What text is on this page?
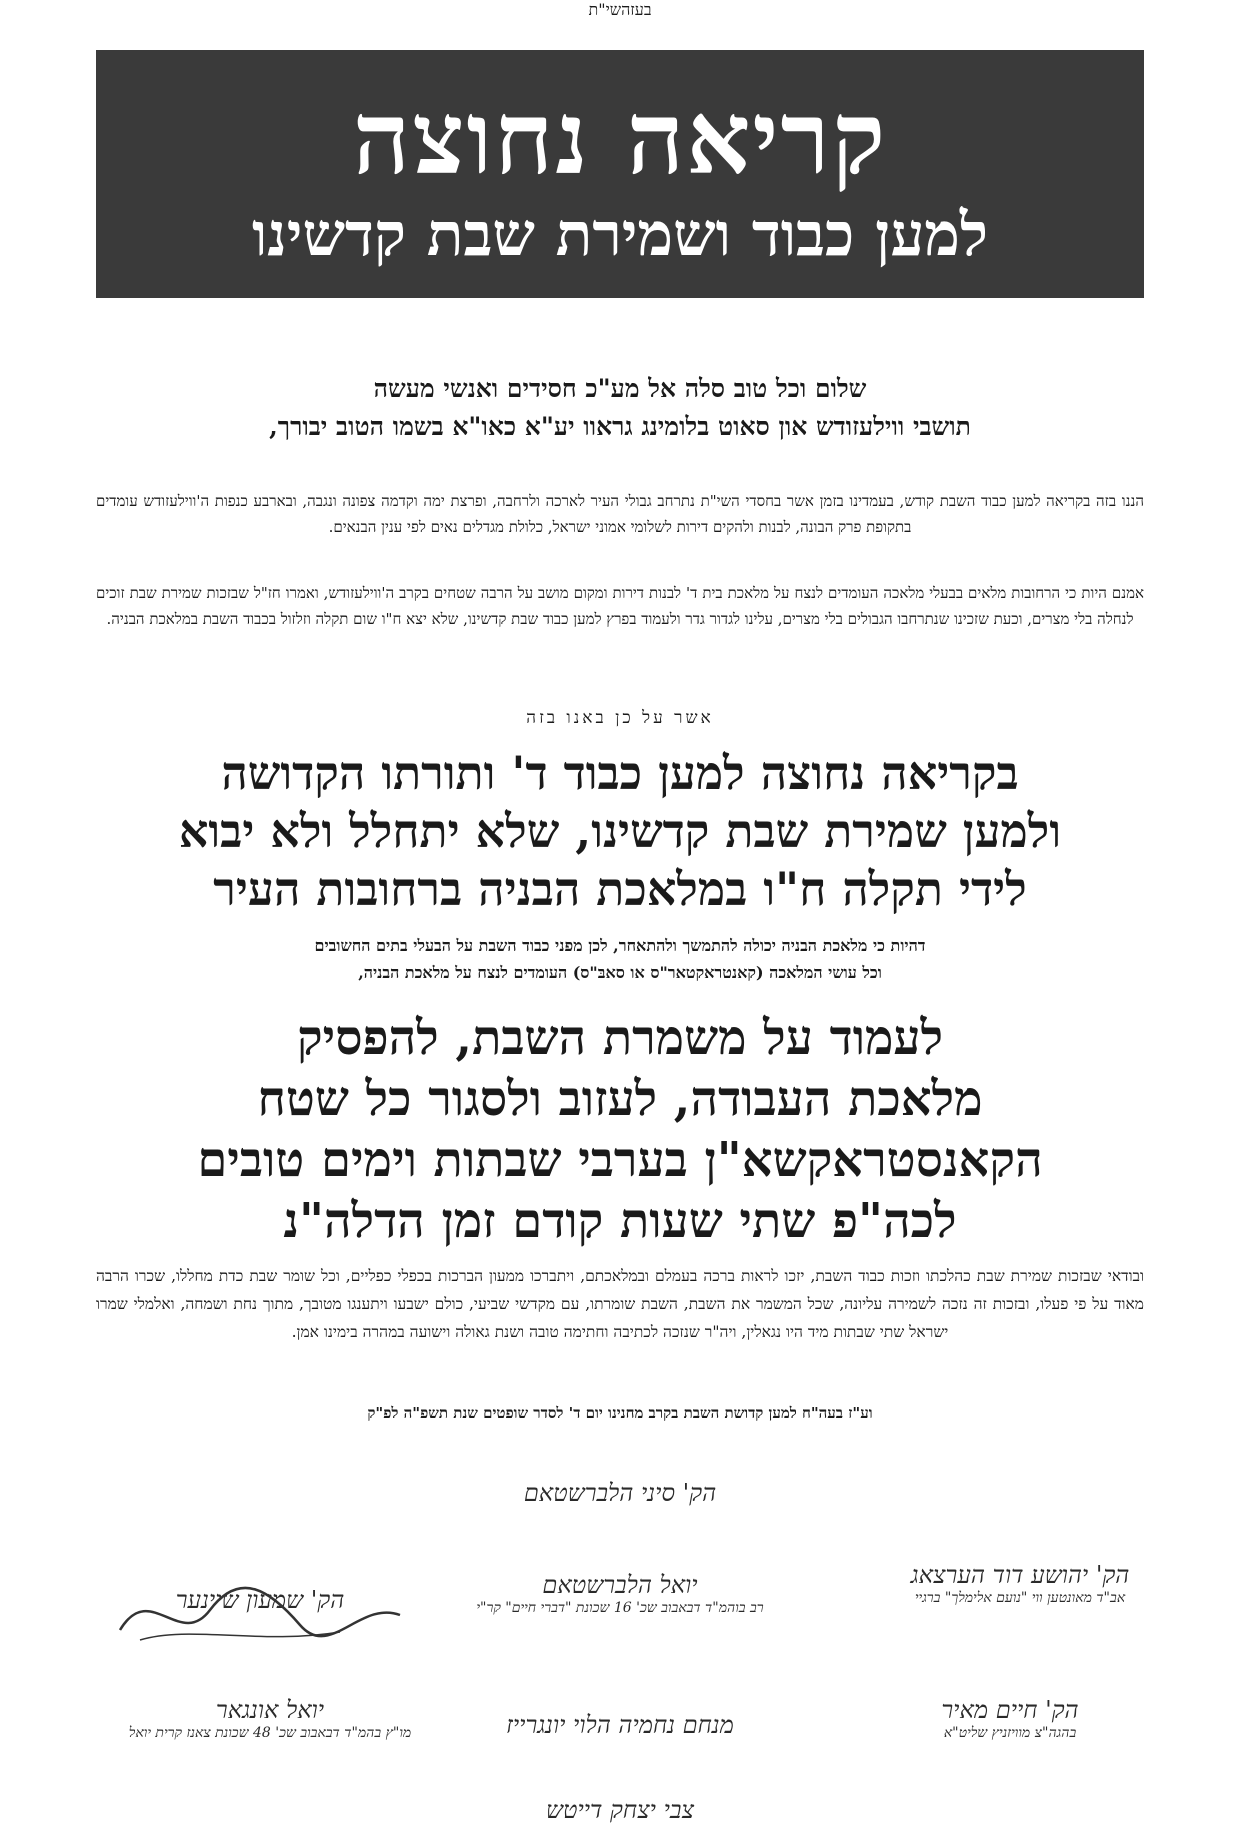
קריאה נחוצה
למען כבוד ושמירת שבת קדשינו
בעזהשי"ת
שלום וכל טוב סלה אל מע"כ חסידים ואנשי מעשה
תושבי ווילעזודש און סאוט בלומינג גראוו יע"א כאו"א בשמו הטוב יבורך,
הננו בזה בקריאה למען כבוד השבת קודש, בעמדינו בזמן אשר בחסדי השי"ת נתרחב גבולי העיר לארכה ולרחבה, ופרצת ימה וקדמה צפונה ונגבה, ובארבע כנפות ה'ווילעזודש עומדים בתקופת פרק הבונה, לבנות ולהקים דירות לשלומי אמוני ישראל, כלולת מגדלים נאים לפי ענין הבנאים.
אמנם היות כי הרחובות מלאים בבעלי מלאכה העומדים לנצח על מלאכת בית ד' לבנות דירות ומקום מושב על הרבה שטחים בקרב ה'ווילעזודש, ואמרו חז"ל שבזכות שמירת שבת זוכים לנחלה בלי מצרים, וכעת שזכינו שנתרחבו הגבולים בלי מצרים, עלינו לגדור גדר ולעמוד בפרץ למען כבוד שבת קדשינו, שלא יצא ח"ו שום תקלה וזלזול בכבוד השבת במלאכת הבניה.
אשר על כן באנו בזה
בקריאה נחוצה למען כבוד ד' ותורתו הקדושה
ולמען שמירת שבת קדשינו, שלא יתחלל ולא יבוא
לידי תקלה ח"ו במלאכת הבניה ברחובות העיר
דהיות כי מלאכת הבניה יכולה להתמשך ולהתאחר, לכן מפני כבוד השבת על הבעלי בתים החשובים
וכל עושי המלאכה (קאנטראקטאר"ס או סאבּ"ס) העומדים לנצח על מלאכת הבניה,
לעמוד על משמרת השבת, להפסיק
מלאכת העבודה, לעזוב ולסגור כל שטח
הקאנסטראקשא"ן בערבי שבתות וימים טובים
לכה"פ שתי שעות קודם זמן הדלה"נ
ובודאי שבזכות שמירת שבת כהלכתו וזכות כבוד השבת, יזכו לראות ברכה בעמלם ובמלאכתם, ויתברכו ממעון הברכות בכפלי כפליים, וכל שומר שבת כדת מחללו, שכרו הרבה מאוד על פי פעלו, ובזכות זה נזכה לשמירה עליונה, שכל המשמר את השבת, השבת שומרתו, עם מקדשי שביעי, כולם ישבעו ויתענגו מטובך, מתוך נחת ושמחה, ואלמלי שמרו ישראל שתי שבתות מיד היו נגאלין, ויה"ר שנזכה לכתיבה וחתימה טובה ושנת גאולה וישועה במהרה בימינו אמן.
וע"ז בעה"ח למען קדושת השבת בקרב מחנינו יום ד' לסדר שופטים שנת תשפ"ה לפ"ק
הק' סיני הלברשטאם
הק' שמעון שיינער
יואל הלברשטאם
רב בוהמ"ד דבאבוב שכ' 16 שכונת "דברי חיים" קר"י
הק' יהושע דוד הערצאג
אב"ד מאונטען ווי "נועם אלימלך" ברגיי
יואל אונגאר
מו"ץ בהמ"ד דבאבוב שכ' 48 שכונת צאנז קרית יואל	מנחם נחמיה הלוי יונגרייז
הק' חיים מאיר
בהגה"צ מוויזניץ שליט"א
צבי יצחק דייטש
